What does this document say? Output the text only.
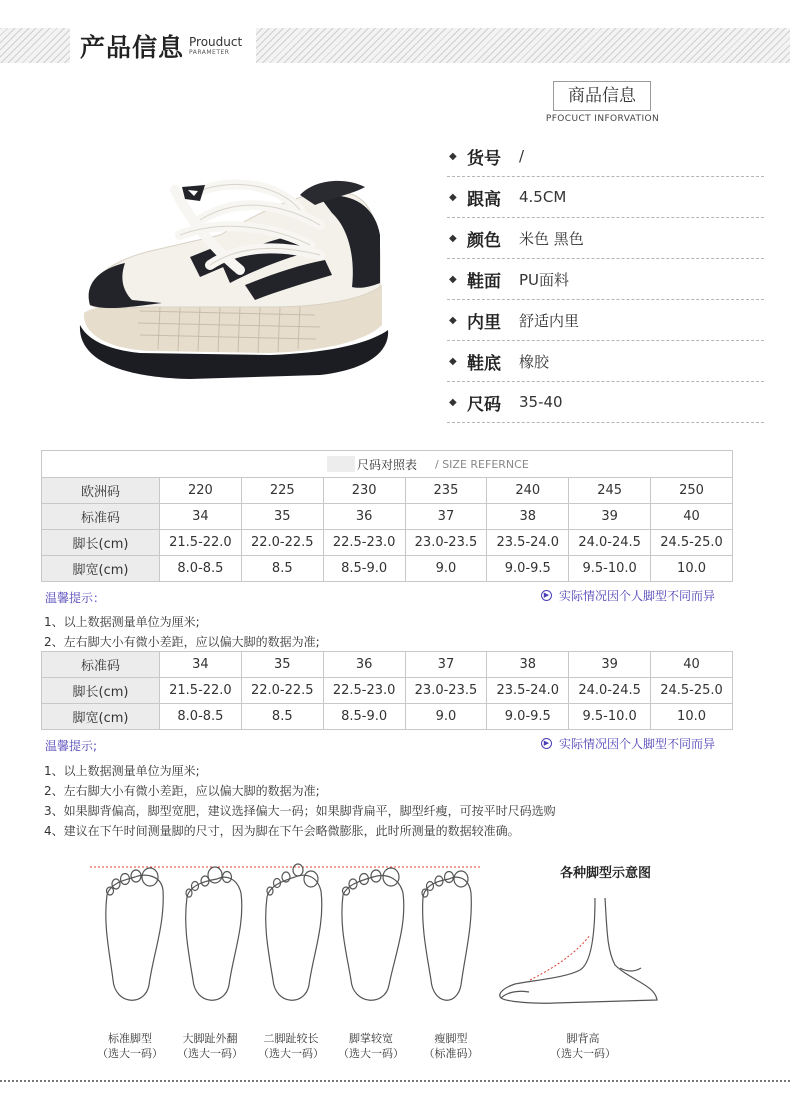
产品信息 Prouduct
PARAMETER
商品信息
PFOCUCT INFORVATION
◆ 货号	/
◆ 跟高	4.5CM
◆ 颜色	米色 黑色
◆ 鞋面	PU面料
◆ 内里	舒适内里
◆ 鞋底	橡胶
◆ 尺码	35-40
尺码对照表 / SIZE REFERNCE
欧洲码	220	225	230	235	240	245	250
标准码	34	35	36	37	38	39	40
脚长(cm)	21.5-22.0	22.0-22.5	22.5-23.0	23.0-23.5	23.5-24.0	24.0-24.5	24.5-25.0
脚宽(cm)	8.0-8.5	8.5	8.5-9.0	9.0	9.0-9.5	9.5-10.0	10.0
温馨提示：	▶ 实际情况因个人脚型不同而异
1、以上数据测量单位为厘米;
2、左右脚大小有微小差距，应以偏大脚的数据为准;
标准码	34	35	36	37	38	39	40
脚长(cm)	21.5-22.0	22.0-22.5	22.5-23.0	23.0-23.5	23.5-24.0	24.0-24.5	24.5-25.0
脚宽(cm)	8.0-8.5	8.5	8.5-9.0	9.0	9.0-9.5	9.5-10.0	10.0
温馨提示;	▶ 实际情况因个人脚型不同而异
1、以上数据测量单位为厘米;
2、左右脚大小有微小差距，应以偏大脚的数据为准;
3、如果脚背偏高，脚型宽肥，建议选择偏大一码；如果脚背扁平，脚型纤瘦，可按平时尺码选购
4、建议在下午时间测量脚的尺寸，因为脚在下午会略微膨胀，此时所测量的数据较准确。
标准脚型
（选大一码）
大脚趾外翻
（选大一码）
二脚趾较长
（选大一码）
脚掌较宽
（选大一码）
瘦脚型
（标准码）
各种脚型示意图
脚背高
（选大一码）
